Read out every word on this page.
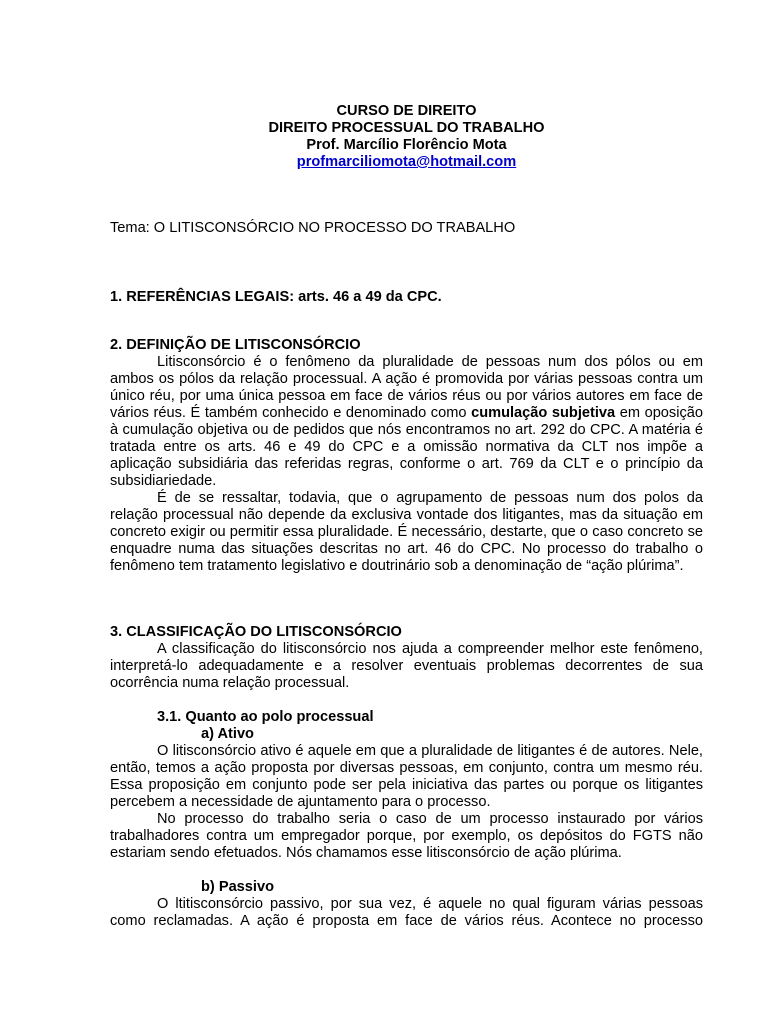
CURSO DE DIREITO
DIREITO PROCESSUAL DO TRABALHO
Prof. Marcílio Florêncio Mota
profmarciliomota@hotmail.com
Tema: O LITISCONSÓRCIO NO PROCESSO DO TRABALHO
1. REFERÊNCIAS LEGAIS: arts. 46 a 49 da CPC.
2. DEFINIÇÃO DE LITISCONSÓRCIO

Litisconsórcio é o fenômeno da pluralidade de pessoas num dos pólos ou em ambos os pólos da relação processual. A ação é promovida por várias pessoas contra um único réu, por uma única pessoa em face de vários réus ou por vários autores em face de vários réus. É também conhecido e denominado como cumulação subjetiva em oposição à cumulação objetiva ou de pedidos que nós encontramos no art. 292 do CPC. A matéria é tratada entre os arts. 46 e 49 do CPC e a omissão normativa da CLT nos impõe a aplicação subsidiária das referidas regras, conforme o art. 769 da CLT e o princípio da subsidiariedade.

É de se ressaltar, todavia, que o agrupamento de pessoas num dos polos da relação processual não depende da exclusiva vontade dos litigantes, mas da situação em concreto exigir ou permitir essa pluralidade. É necessário, destarte, que o caso concreto se enquadre numa das situações descritas no art. 46 do CPC. No processo do trabalho o fenômeno tem tratamento legislativo e doutrinário sob a denominação de “ação plúrima”.

3. CLASSIFICAÇÃO DO LITISCONSÓRCIO

A classificação do litisconsórcio nos ajuda a compreender melhor este fenômeno, interpretá-lo adequadamente e a resolver eventuais problemas decorrentes de sua ocorrência numa relação processual.

3.1. Quanto ao polo processual
a) Ativo

O litisconsórcio ativo é aquele em que a pluralidade de litigantes é de autores. Nele, então, temos a ação proposta por diversas pessoas, em conjunto, contra um mesmo réu. Essa proposição em conjunto pode ser pela iniciativa das partes ou porque os litigantes percebem a necessidade de ajuntamento para o processo.

No processo do trabalho seria o caso de um processo instaurado por vários trabalhadores contra um empregador porque, por exemplo, os depósitos do FGTS não estariam sendo efetuados. Nós chamamos esse litisconsórcio de ação plúrima.

b) Passivo

O ltitisconsórcio passivo, por sua vez, é aquele no qual figuram várias pessoas como reclamadas. A ação é proposta em face de vários réus. Acontece no processo
